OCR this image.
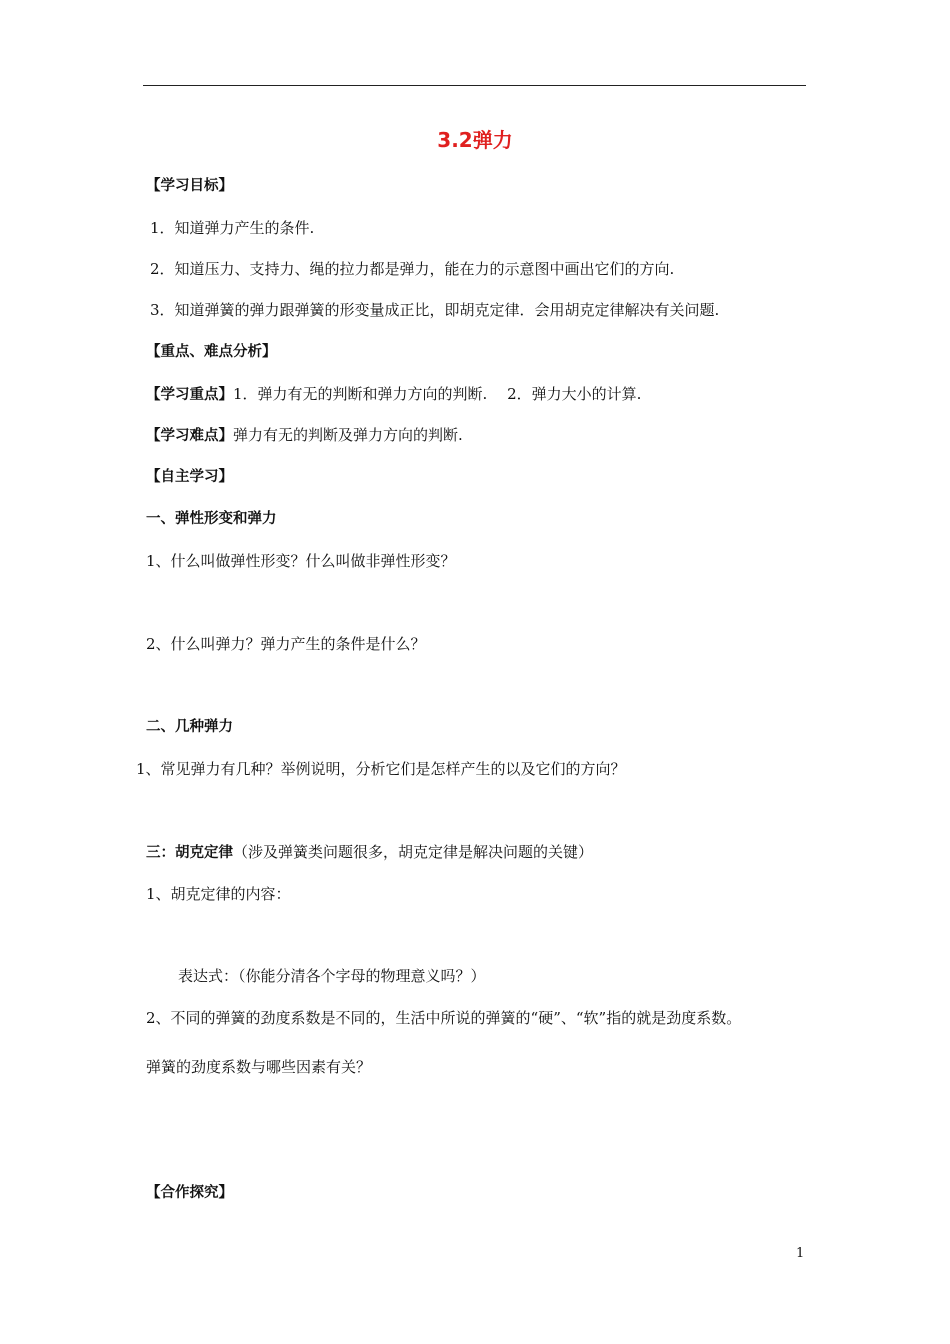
3.2弹力
【学习目标】
1．知道弹力产生的条件.
2．知道压力、支持力、绳的拉力都是弹力，能在力的示意图中画出它们的方向.
3．知道弹簧的弹力跟弹簧的形变量成正比，即胡克定律．会用胡克定律解决有关问题.
【重点、难点分析】
【学习重点】1．弹力有无的判断和弹力方向的判断.　 2．弹力大小的计算.
【学习难点】弹力有无的判断及弹力方向的判断.
【自主学习】
一、弹性形变和弹力
1、什么叫做弹性形变？什么叫做非弹性形变？
2、什么叫弹力？弹力产生的条件是什么？
二、几种弹力
1、常见弹力有几种？举例说明，分析它们是怎样产生的以及它们的方向？
三：胡克定律（涉及弹簧类问题很多，胡克定律是解决问题的关键）
1、胡克定律的内容：
表达式：（你能分清各个字母的物理意义吗？）
2、不同的弹簧的劲度系数是不同的，生活中所说的弹簧的“硬”、“软”指的就是劲度系数。
弹簧的劲度系数与哪些因素有关？
【合作探究】
1
